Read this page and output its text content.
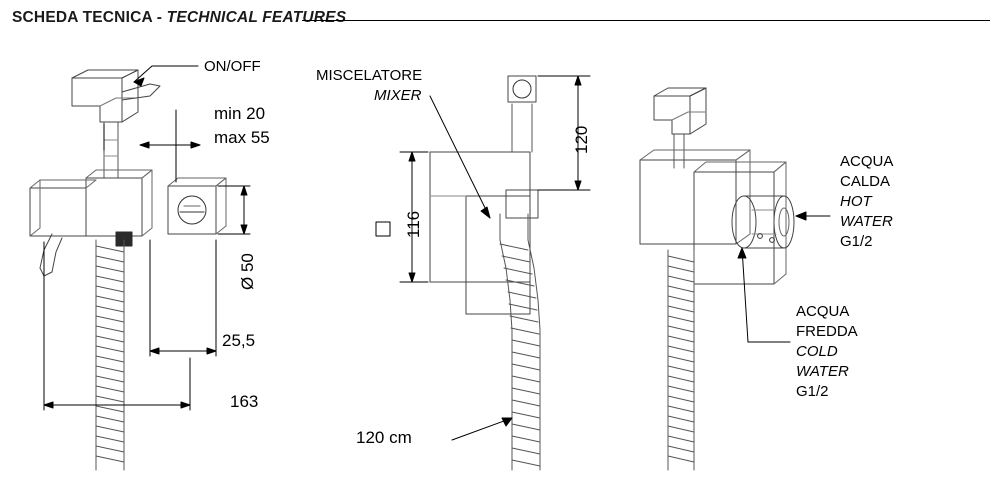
SCHEDA TECNICA - TECHNICAL FEATURES
ON/OFF
min 20
max 55
Ø 50
25,5
163
MISCELATORE
MIXER
120
116
120 cm
ACQUA
CALDA
HOT
WATER
G1/2
ACQUA
FREDDA
COLD
WATER
G1/2
